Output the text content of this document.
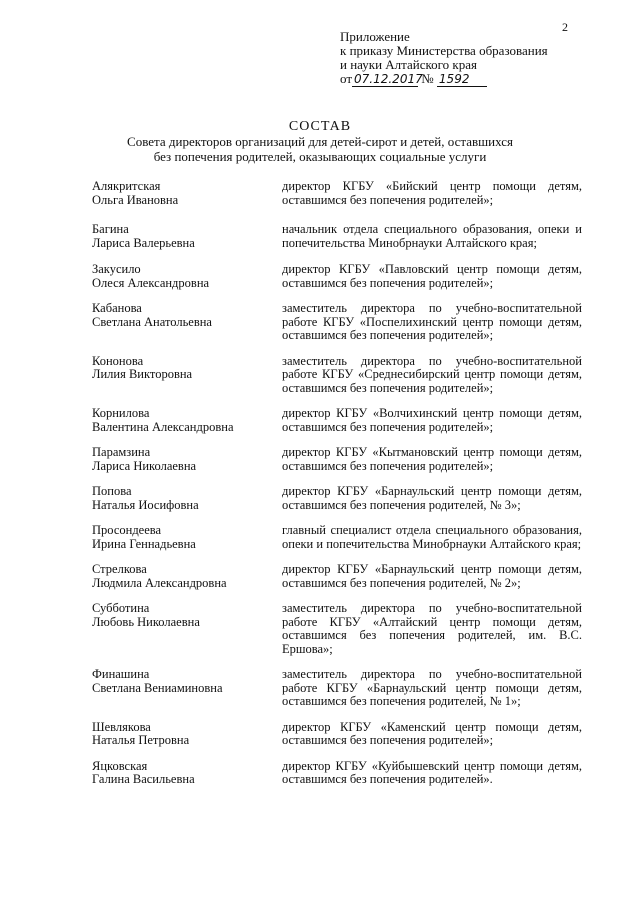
2
Приложение
к приказу Министерства образования
и науки Алтайского края
от 07.12.2017 № 1592
СОСТАВ
Совета директоров организаций для детей-сирот и детей, оставшихся
без попечения родителей, оказывающих социальные услуги
Алякритская
Ольга Ивановна
директор КГБУ «Бийский центр помощи детям, оставшимся без попечения родителей»;
Багина
Лариса Валерьевна
начальник отдела специального образования, опеки и попечительства Минобрнауки Алтайского края;
Закусило
Олеся Александровна
директор КГБУ «Павловский центр помощи детям, оставшимся без попечения родителей»;
Кабанова
Светлана Анатольевна
заместитель директора по учебно-воспитательной работе КГБУ «Поспелихинский центр помощи детям, оставшимся без попечения родителей»;
Кононова
Лилия Викторовна
заместитель директора по учебно-воспитательной работе КГБУ «Среднесибирский центр помощи детям, оставшимся без попечения родителей»;
Корнилова
Валентина Александровна
директор КГБУ «Волчихинский центр помощи детям, оставшимся без попечения родителей»;
Парамзина
Лариса Николаевна
директор КГБУ «Кытмановский центр помощи детям, оставшимся без попечения родителей»;
Попова
Наталья Иосифовна
директор КГБУ «Барнаульский центр помощи детям, оставшимся без попечения родителей, № 3»;
Просондеева
Ирина Геннадьевна
главный специалист отдела специального образования, опеки и попечительства Минобрнауки Алтайского края;
Стрелкова
Людмила Александровна
директор КГБУ «Барнаульский центр помощи детям, оставшимся без попечения родителей, № 2»;
Субботина
Любовь Николаевна
заместитель директора по учебно-воспитательной работе КГБУ «Алтайский центр помощи детям, оставшимся без попечения родителей, им. В.С. Ершова»;
Финашина
Светлана Вениаминовна
заместитель директора по учебно-воспитательной работе КГБУ «Барнаульский центр помощи детям, оставшимся без попечения родителей, № 1»;
Шевлякова
Наталья Петровна
директор КГБУ «Каменский центр помощи детям, оставшимся без попечения родителей»;
Яцковская
Галина Васильевна
директор КГБУ «Куйбышевский центр помощи детям, оставшимся без попечения родителей».
